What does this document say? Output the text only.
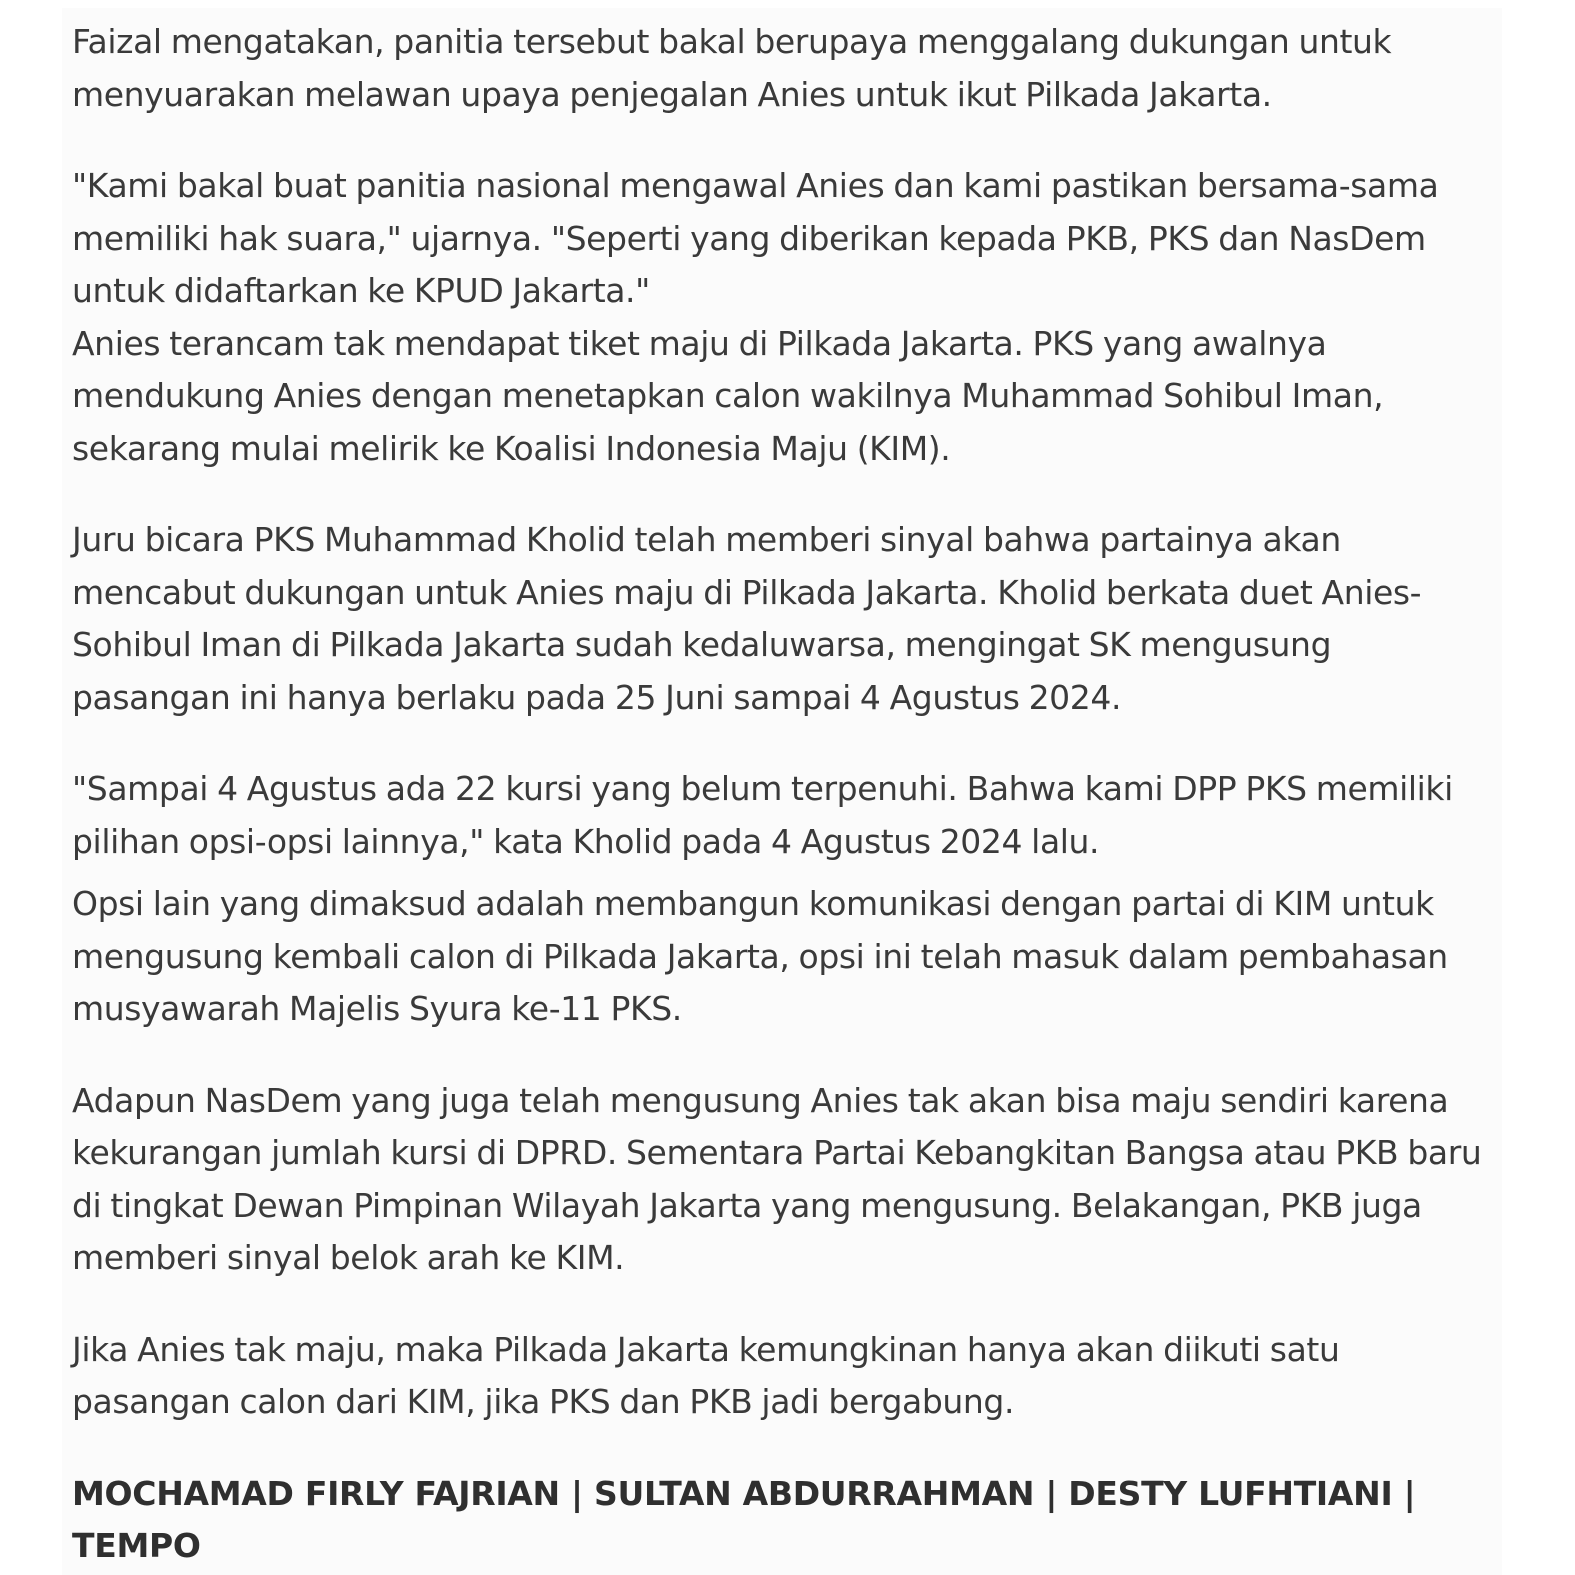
Faizal mengatakan, panitia tersebut bakal berupaya menggalang dukungan untuk
menyuarakan melawan upaya penjegalan Anies untuk ikut Pilkada Jakarta.

"Kami bakal buat panitia nasional mengawal Anies dan kami pastikan bersama-sama
memiliki hak suara," ujarnya. "Seperti yang diberikan kepada PKB, PKS dan NasDem
untuk didaftarkan ke KPUD Jakarta."

Anies terancam tak mendapat tiket maju di Pilkada Jakarta. PKS yang awalnya
mendukung Anies dengan menetapkan calon wakilnya Muhammad Sohibul Iman,
sekarang mulai melirik ke Koalisi Indonesia Maju (KIM).

Juru bicara PKS Muhammad Kholid telah memberi sinyal bahwa partainya akan
mencabut dukungan untuk Anies maju di Pilkada Jakarta. Kholid berkata duet Anies-
Sohibul Iman di Pilkada Jakarta sudah kedaluwarsa, mengingat SK mengusung
pasangan ini hanya berlaku pada 25 Juni sampai 4 Agustus 2024.

"Sampai 4 Agustus ada 22 kursi yang belum terpenuhi. Bahwa kami DPP PKS memiliki
pilihan opsi-opsi lainnya," kata Kholid pada 4 Agustus 2024 lalu.

Opsi lain yang dimaksud adalah membangun komunikasi dengan partai di KIM untuk
mengusung kembali calon di Pilkada Jakarta, opsi ini telah masuk dalam pembahasan
musyawarah Majelis Syura ke-11 PKS.

Adapun NasDem yang juga telah mengusung Anies tak akan bisa maju sendiri karena
kekurangan jumlah kursi di DPRD. Sementara Partai Kebangkitan Bangsa atau PKB baru
di tingkat Dewan Pimpinan Wilayah Jakarta yang mengusung. Belakangan, PKB juga
memberi sinyal belok arah ke KIM.

Jika Anies tak maju, maka Pilkada Jakarta kemungkinan hanya akan diikuti satu
pasangan calon dari KIM, jika PKS dan PKB jadi bergabung.

MOCHAMAD FIRLY FAJRIAN | SULTAN ABDURRAHMAN | DESTY LUFHTIANI |
TEMPO
